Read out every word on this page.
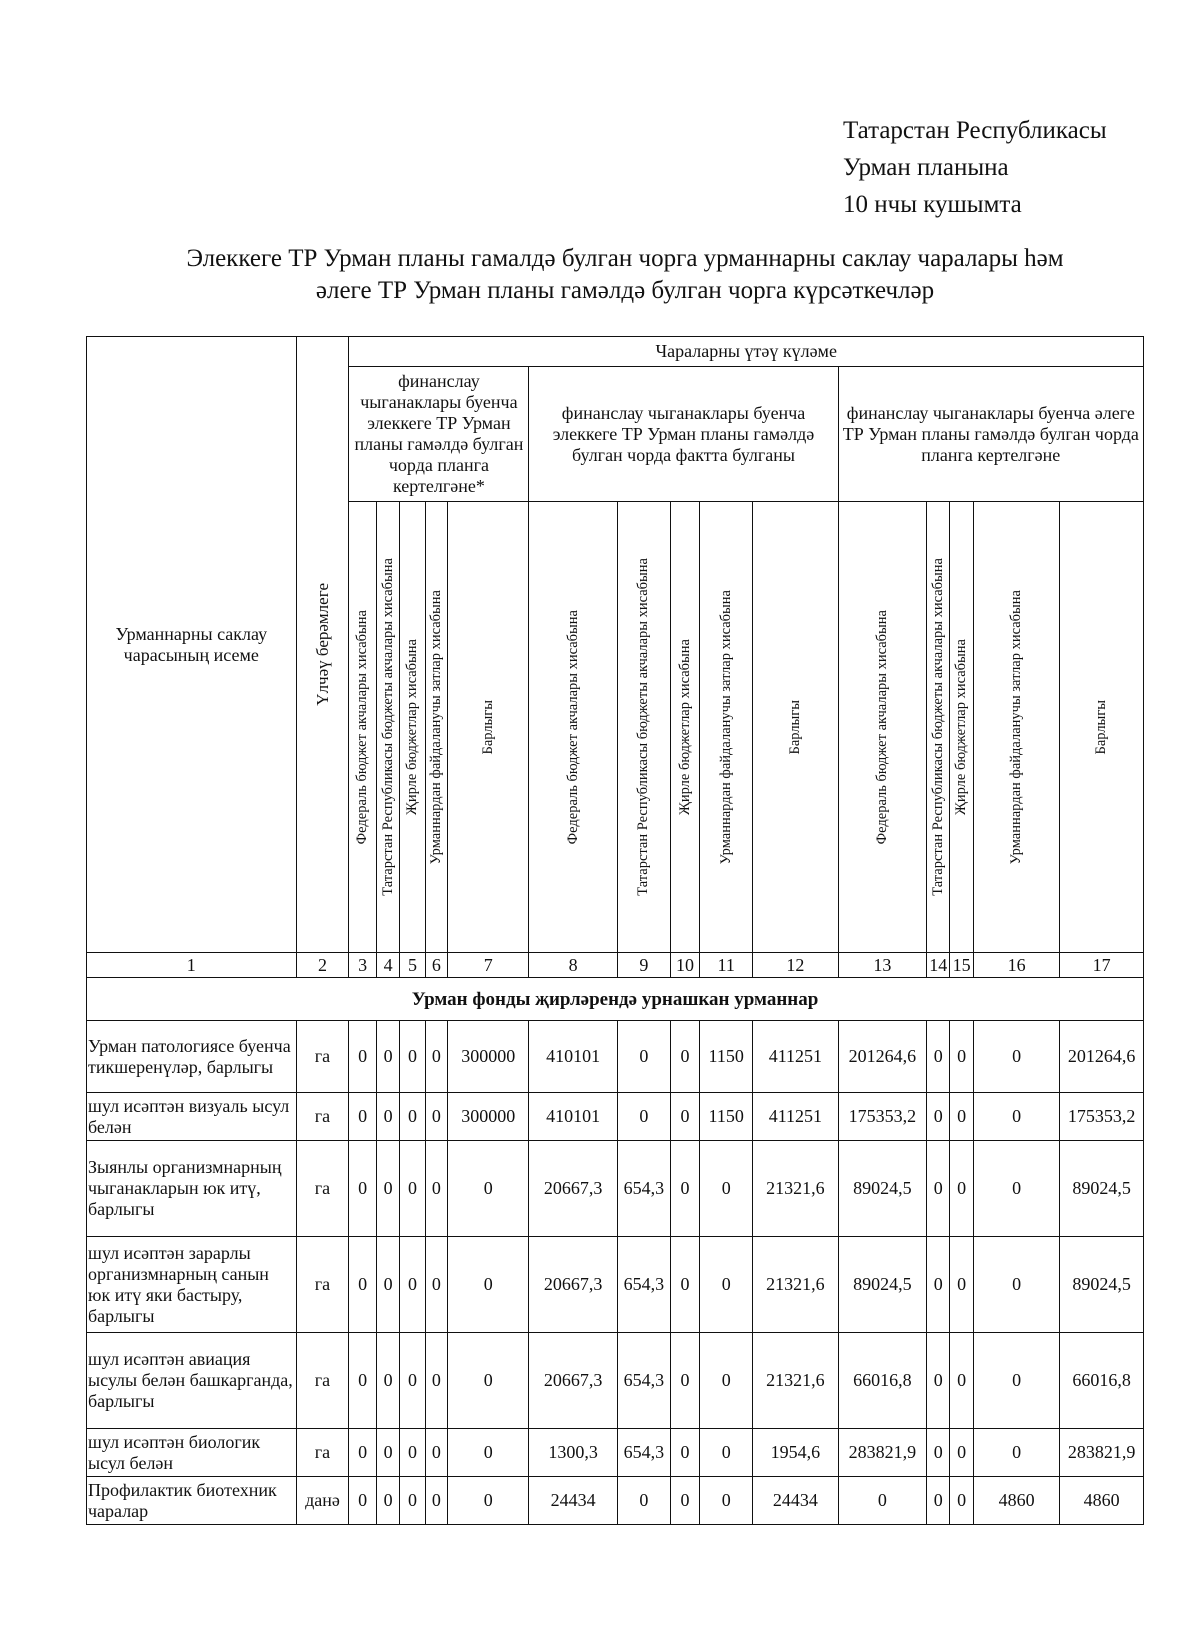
Татарстан Республикасы
Урман планына
10 нчы кушымта
Элеккеге ТР Урман планы гамалдә булган чорга урманнарны саклау чаралары һәм
әлеге ТР Урман планы гамәлдә булган чорга күрсәткечләр
Урманнарны саклау чарасының исеме	Үлчәү берәмлеге	Чараларны үтәү күләме														
		финанслау чыганаклары буенча элеккеге ТР Урман планы гамәлдә булган чорда планга кертелгәне*					финанслау чыганаклары буенча элеккеге ТР Урман планы гамәлдә булган чорда фактта булганы					финанслау чыганаклары буенча әлеге ТР Урман планы гамәлдә булган чорда планга кертелгәне				

		Федераль бюджет акчалары хисабына	Татарстан Республикасы бюджеты акчалары хисабына	Җирле бюджетлар хисабына	Урманнардан файдаланучы затлар хисабына	Барлыгы	Федераль бюджет акчалары хисабына	Татарстан Республикасы бюджеты акчалары хисабына	Җирле бюджетлар хисабына	Урманнардан файдаланучы затлар хисабына	Барлыгы	Федераль бюджет акчалары хисабына	Татарстан Республикасы бюджеты акчалары хисабына	Җирле бюджетлар хисабына	Урманнардан файдаланучы затлар хисабына	Барлыгы

1	2	3	4	5	6	7	8	9	10	11	12	13	14	15	16	17
Урман фонды җирләрендә урнашкан урманнар																
Урман патологиясе буенча тикшеренүләр, барлыгы	га	0	0	0	0	300000	410101	0	0	1150	411251	201264,6	0	0	0	201264,6
шул исәптән визуаль ысул белән	га	0	0	0	0	300000	410101	0	0	1150	411251	175353,2	0	0	0	175353,2
Зыянлы организмнарның чыганакларын юк итү, барлыгы	га	0	0	0	0	0	20667,3	654,3	0	0	21321,6	89024,5	0	0	0	89024,5
шул исәптән зарарлы организмнарның санын юк итү яки бастыру, барлыгы	га	0	0	0	0	0	20667,3	654,3	0	0	21321,6	89024,5	0	0	0	89024,5
шул исәптән авиация ысулы белән башкарганда, барлыгы	га	0	0	0	0	0	20667,3	654,3	0	0	21321,6	66016,8	0	0	0	66016,8
шул исәптән биологик ысул белән	га	0	0	0	0	0	1300,3	654,3	0	0	1954,6	283821,9	0	0	0	283821,9
Профилактик биотехник чаралар	данә	0	0	0	0	0	24434	0	0	0	24434	0	0	0	4860	4860
